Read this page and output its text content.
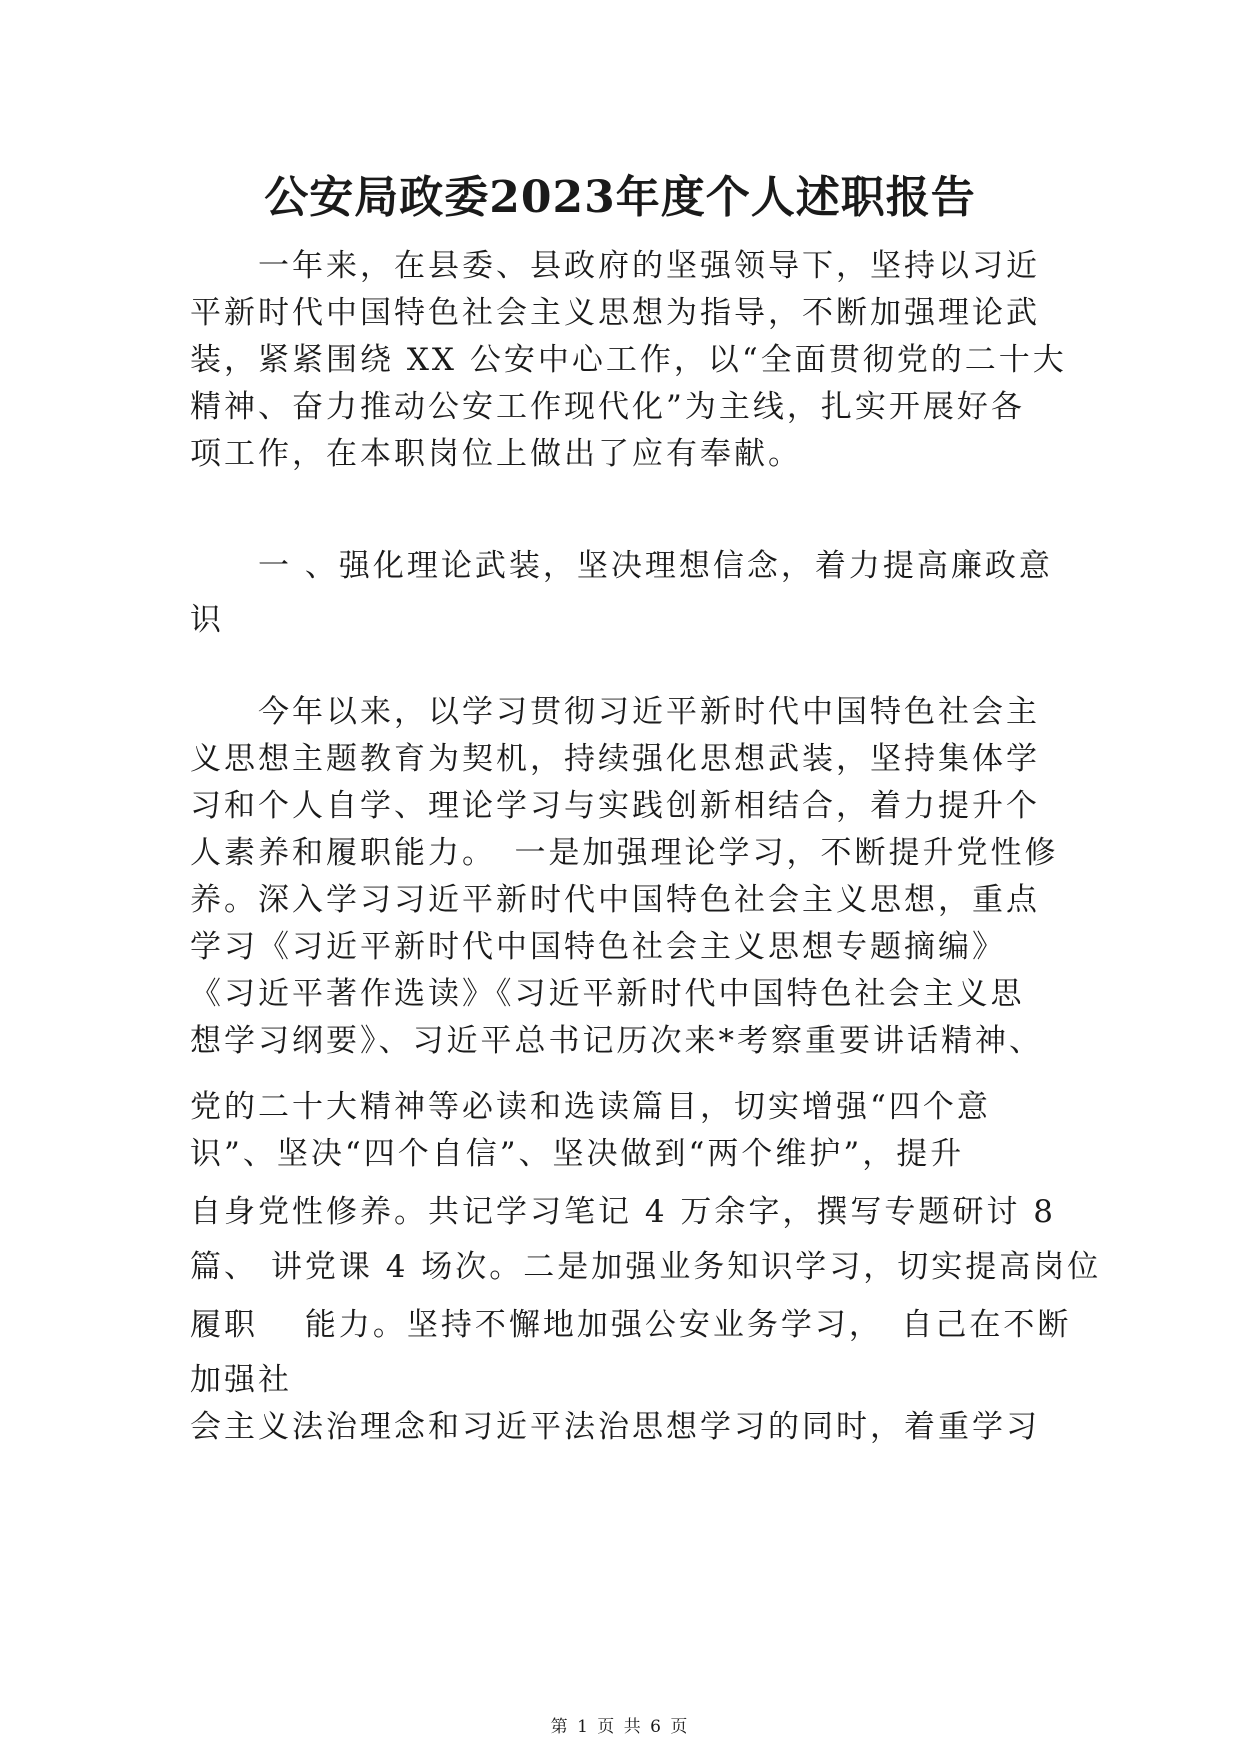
公安局政委2023年度个人述职报告
　　一年来，在县委、县政府的坚强领导下，坚持以习近
平新时代中国特色社会主义思想为指导，不断加强理论武
装，紧紧围绕 XX 公安中心工作，以“全面贯彻党的二十大
精神、奋力推动公安工作现代化”为主线，扎实开展好各
项工作，在本职岗位上做出了应有奉献。
　　一 、强化理论武装，坚决理想信念，着力提高廉政意
识
　　今年以来，以学习贯彻习近平新时代中国特色社会主
义思想主题教育为契机，持续强化思想武装，坚持集体学
习和个人自学、理论学习与实践创新相结合，着力提升个
人素养和履职能力。　一是加强理论学习，不断提升党性修
养。深入学习习近平新时代中国特色社会主义思想，重点
学习《习近平新时代中国特色社会主义思想专题摘编》
《习近平著作选读》《习近平新时代中国特色社会主义思
想学习纲要》、习近平总书记历次来*考察重要讲话精神、
党的二十大精神等必读和选读篇目，切实增强“四个意
识”、坚决“四个自信”、坚决做到“两个维护”，提升
自身党性修养。共记学习笔记 4 万余字，撰写专题研讨 8
篇、 讲党课 4 场次。二是加强业务知识学习，切实提高岗位
履职　 能力。坚持不懈地加强公安业务学习，　自己在不断
加强社
会主义法治理念和习近平法治思想学习的同时，着重学习
第 1 页 共 6 页
